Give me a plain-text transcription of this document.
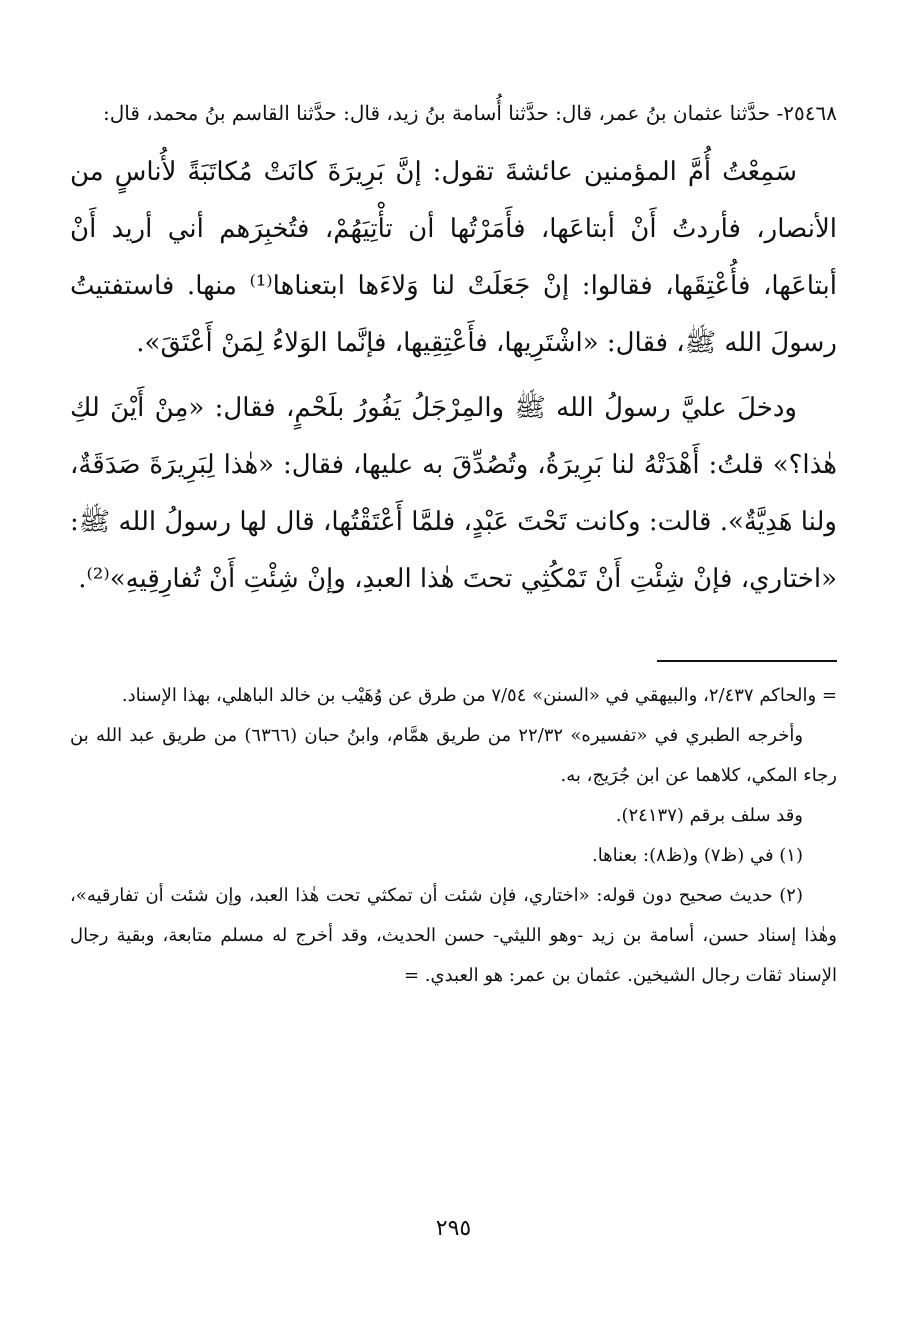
٢٥٤٦٨- حدَّثنا عثمان بنُ عمر، قال: حدَّثنا أُسامة بنُ زيد، قال: حدَّثنا القاسم بنُ محمد، قال:

سَمِعْتُ أُمَّ المؤمنين عائشةَ تقول: إنَّ بَرِيرَةَ كانَتْ مُكاتَبَةً لأُناسٍ من الأنصار، فأردتُ أَنْ أبتاعَها، فأَمَرْتُها أن تأْتِيَهُمْ، فتُخبِرَهم أني أريد أَنْ أبتاعَها، فأُعْتِقَها، فقالوا: إنْ جَعَلَتْ لنا وَلاءَها ابتعناها⁽¹⁾ منها. فاستفتيتُ رسولَ الله ﷺ، فقال: «اشْتَرِيها، فأَعْتِقِيها، فإنَّما الوَلاءُ لِمَنْ أَعْتَقَ».

ودخلَ عليَّ رسولُ الله ﷺ والمِرْجَلُ يَفُورُ بلَحْمٍ، فقال: «مِنْ أَيْنَ لكِ هٰذا؟» قلتُ: أَهْدَتْهُ لنا بَرِيرَةُ، وتُصُدِّقَ به عليها، فقال: «هٰذا لِبَرِيرَةَ صَدَقَةٌ، ولنا هَدِيَّةٌ». قالت: وكانت تَحْتَ عَبْدٍ، فلمَّا أَعْتَقْتُها، قال لها رسولُ الله ﷺ: «اختاري، فإنْ شِئْتِ أَنْ تَمْكُثِي تحتَ هٰذا العبدِ، وإنْ شِئْتِ أَنْ تُفارِقِيهِ»⁽²⁾.

= والحاكم ٢/٤٣٧، والبيهقي في «السنن» ٧/٥٤ من طرق عن وُهَيْب بن خالد الباهلي، بهذا الإسناد.

وأخرجه الطبري في «تفسيره» ٢٢/٣٢ من طريق همَّام، وابنُ حبان (٦٣٦٦) من طريق عبد الله بن رجاء المكي، كلاهما عن ابن جُرَيج، به.

وقد سلف برقم (٢٤١٣٧).

(١) في (ظ٧) و(ظ٨): بعناها.

(٢) حديث صحيح دون قوله: «اختاري، فإن شئت أن تمكثي تحت هٰذا العبد، وإن شئت أن تفارقيه»، وهٰذا إسناد حسن، أسامة بن زيد -وهو الليثي- حسن الحديث، وقد أخرج له مسلم متابعة، وبقية رجال الإسناد ثقات رجال الشيخين. عثمان بن عمر: هو العبدي. =

٢٩٥
